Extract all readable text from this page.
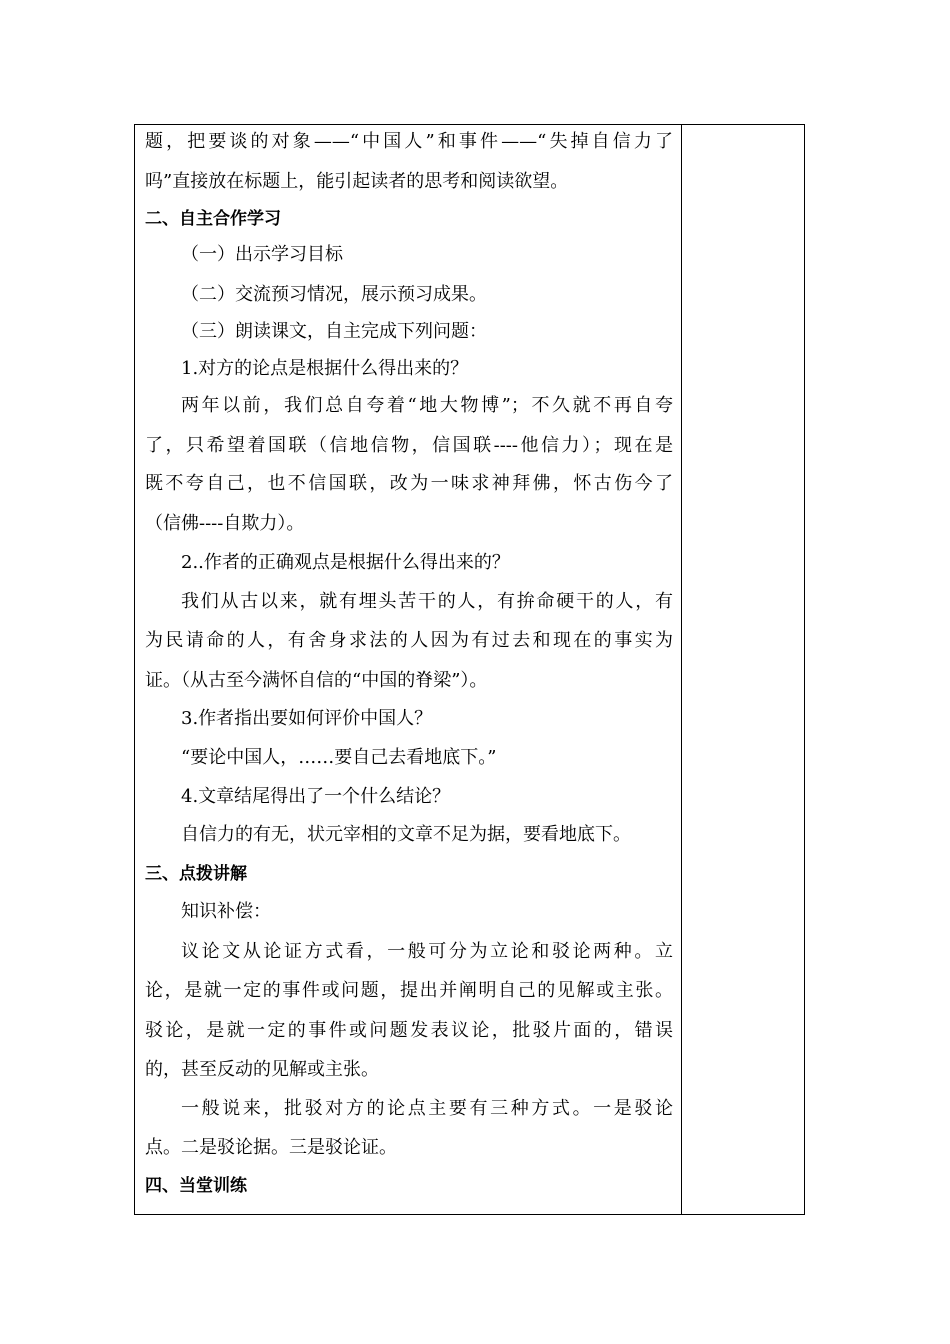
题，把要谈的对象——“中国人”和事件——“失掉自信力了
吗”直接放在标题上，能引起读者的思考和阅读欲望。
二、自主合作学习
（一）出示学习目标
（二）交流预习情况，展示预习成果。
（三）朗读课文，自主完成下列问题：
1.对方的论点是根据什么得出来的？
两年以前，我们总自夸着“地大物博”；不久就不再自夸
了，只希望着国联（信地信物，信国联----他信力）；现在是
既不夸自己，也不信国联，改为一味求神拜佛，怀古伤今了
（信佛----自欺力）。
2..作者的正确观点是根据什么得出来的？
我们从古以来，就有埋头苦干的人，有拚命硬干的人，有
为民请命的人，有舍身求法的人因为有过去和现在的事实为
证。（从古至今满怀自信的“中国的脊梁”）。
3.作者指出要如何评价中国人？
“要论中国人，……要自己去看地底下。”
4.文章结尾得出了一个什么结论？
自信力的有无，状元宰相的文章不足为据，要看地底下。
三、点拨讲解
知识补偿：
议论文从论证方式看，一般可分为立论和驳论两种。立
论，是就一定的事件或问题，提出并阐明自己的见解或主张。
驳论，是就一定的事件或问题发表议论，批驳片面的，错误
的，甚至反动的见解或主张。
一般说来，批驳对方的论点主要有三种方式。一是驳论
点。二是驳论据。三是驳论证。
四、当堂训练
